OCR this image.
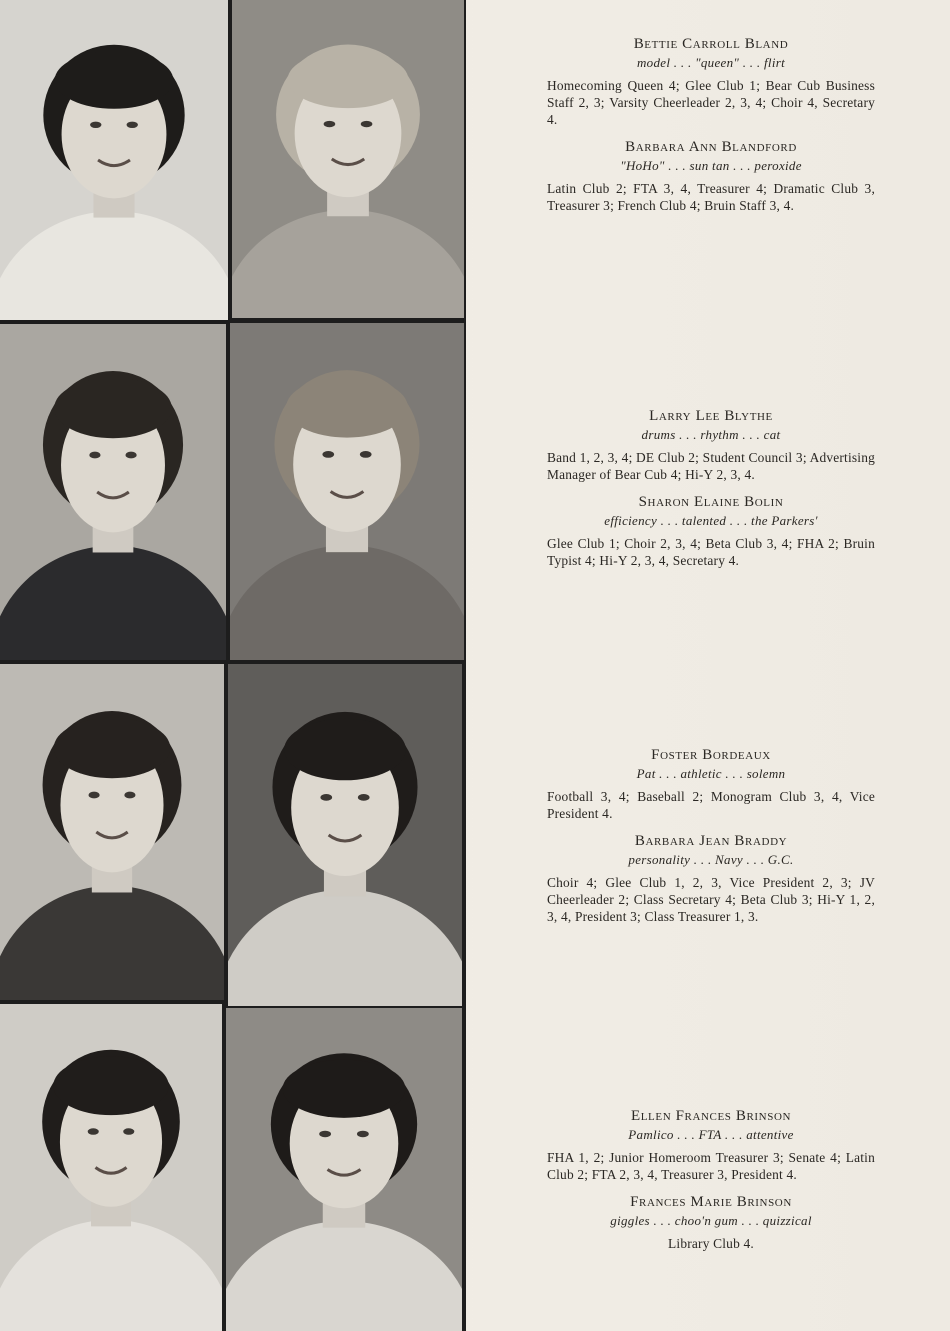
Bettie Carroll Bland

model . . . "queen" . . . flirt

Homecoming Queen 4; Glee Club 1; Bear Cub Business Staff 2, 3; Varsity Cheerleader 2, 3, 4; Choir 4, Secretary 4.

Barbara Ann Blandford

"HoHo" . . . sun tan . . . peroxide

Latin Club 2; FTA 3, 4, Treasurer 4; Dramatic Club 3, Treasurer 3; French Club 4; Bruin Staff 3, 4.

Larry Lee Blythe

drums . . . rhythm . . . cat

Band 1, 2, 3, 4; DE Club 2; Student Council 3; Advertising Manager of Bear Cub 4; Hi-Y 2, 3, 4.

Sharon Elaine Bolin

efficiency . . . talented . . . the Parkers'

Glee Club 1; Choir 2, 3, 4; Beta Club 3, 4; FHA 2; Bruin Typist 4; Hi-Y 2, 3, 4, Secretary 4.

Foster Bordeaux

Pat . . . athletic . . . solemn

Football 3, 4; Baseball 2; Monogram Club 3, 4, Vice President 4.

Barbara Jean Braddy

personality . . . Navy . . . G.C.

Choir 4; Glee Club 1, 2, 3, Vice President 2, 3; JV Cheerleader 2; Class Secretary 4; Beta Club 3; Hi-Y 1, 2, 3, 4, President 3; Class Treasurer 1, 3.

Ellen Frances Brinson

Pamlico . . . FTA . . . attentive

FHA 1, 2; Junior Homeroom Treasurer 3; Senate 4; Latin Club 2; FTA 2, 3, 4, Treasurer 3, President 4.

Frances Marie Brinson

giggles . . . choo'n gum . . . quizzical

Library Club 4.
